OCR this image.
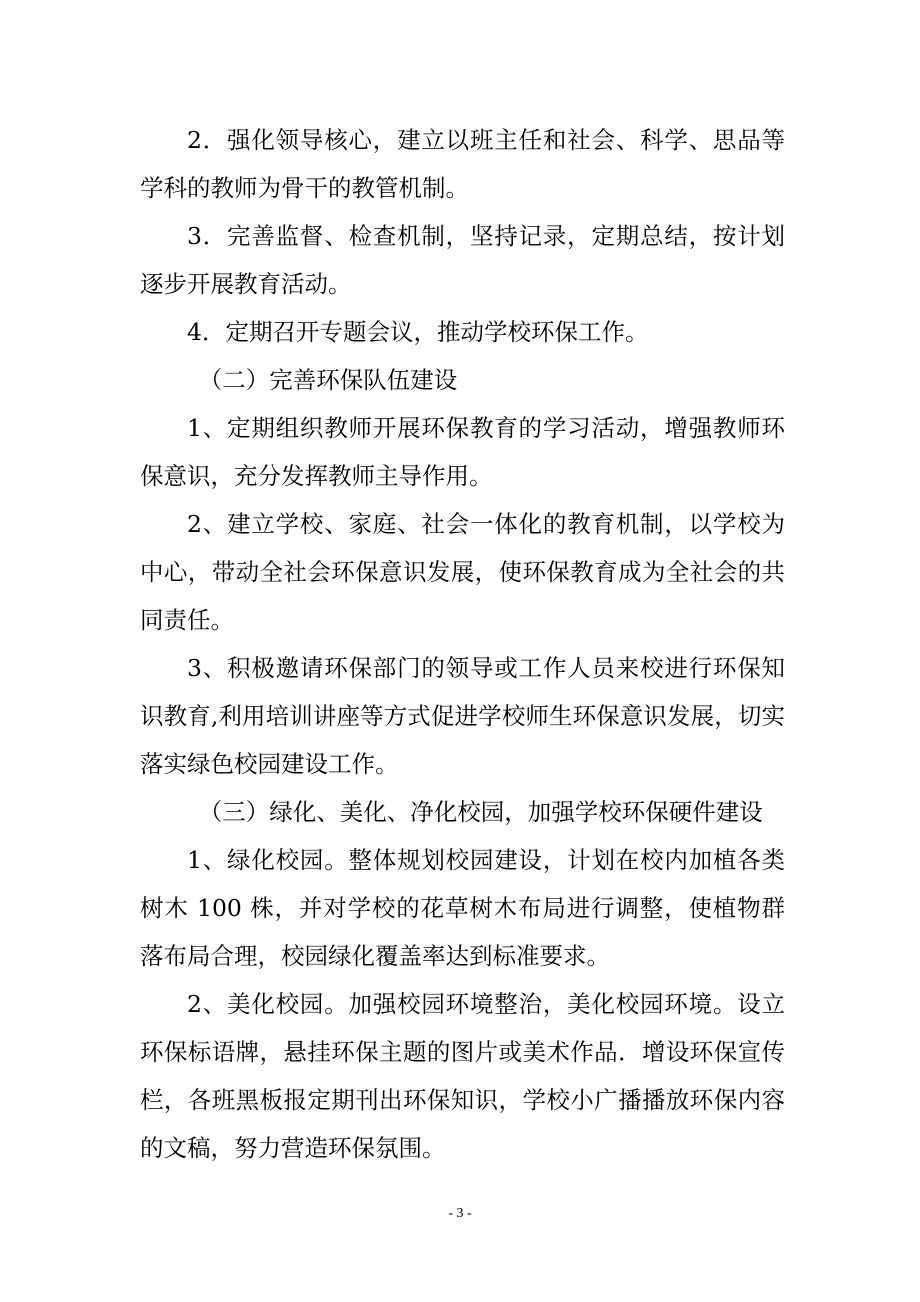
2．强化领导核心，建立以班主任和社会、科学、思品等学科的教师为骨干的教管机制。

3．完善监督、检查机制，坚持记录，定期总结，按计划逐步开展教育活动。

4．定期召开专题会议，推动学校环保工作。

（二）完善环保队伍建设

1、定期组织教师开展环保教育的学习活动，增强教师环保意识，充分发挥教师主导作用。

2、建立学校、家庭、社会一体化的教育机制，以学校为中心，带动全社会环保意识发展，使环保教育成为全社会的共同责任。

3、积极邀请环保部门的领导或工作人员来校进行环保知识教育,利用培训讲座等方式促进学校师生环保意识发展，切实落实绿色校园建设工作。

（三）绿化、美化、净化校园，加强学校环保硬件建设

1、绿化校园。整体规划校园建设，计划在校内加植各类树木 100 株，并对学校的花草树木布局进行调整，使植物群落布局合理，校园绿化覆盖率达到标准要求。

2、美化校园。加强校园环境整治，美化校园环境。设立环保标语牌，悬挂环保主题的图片或美术作品．增设环保宣传栏，各班黑板报定期刊出环保知识，学校小广播播放环保内容的文稿，努力营造环保氛围。

- 3 -
